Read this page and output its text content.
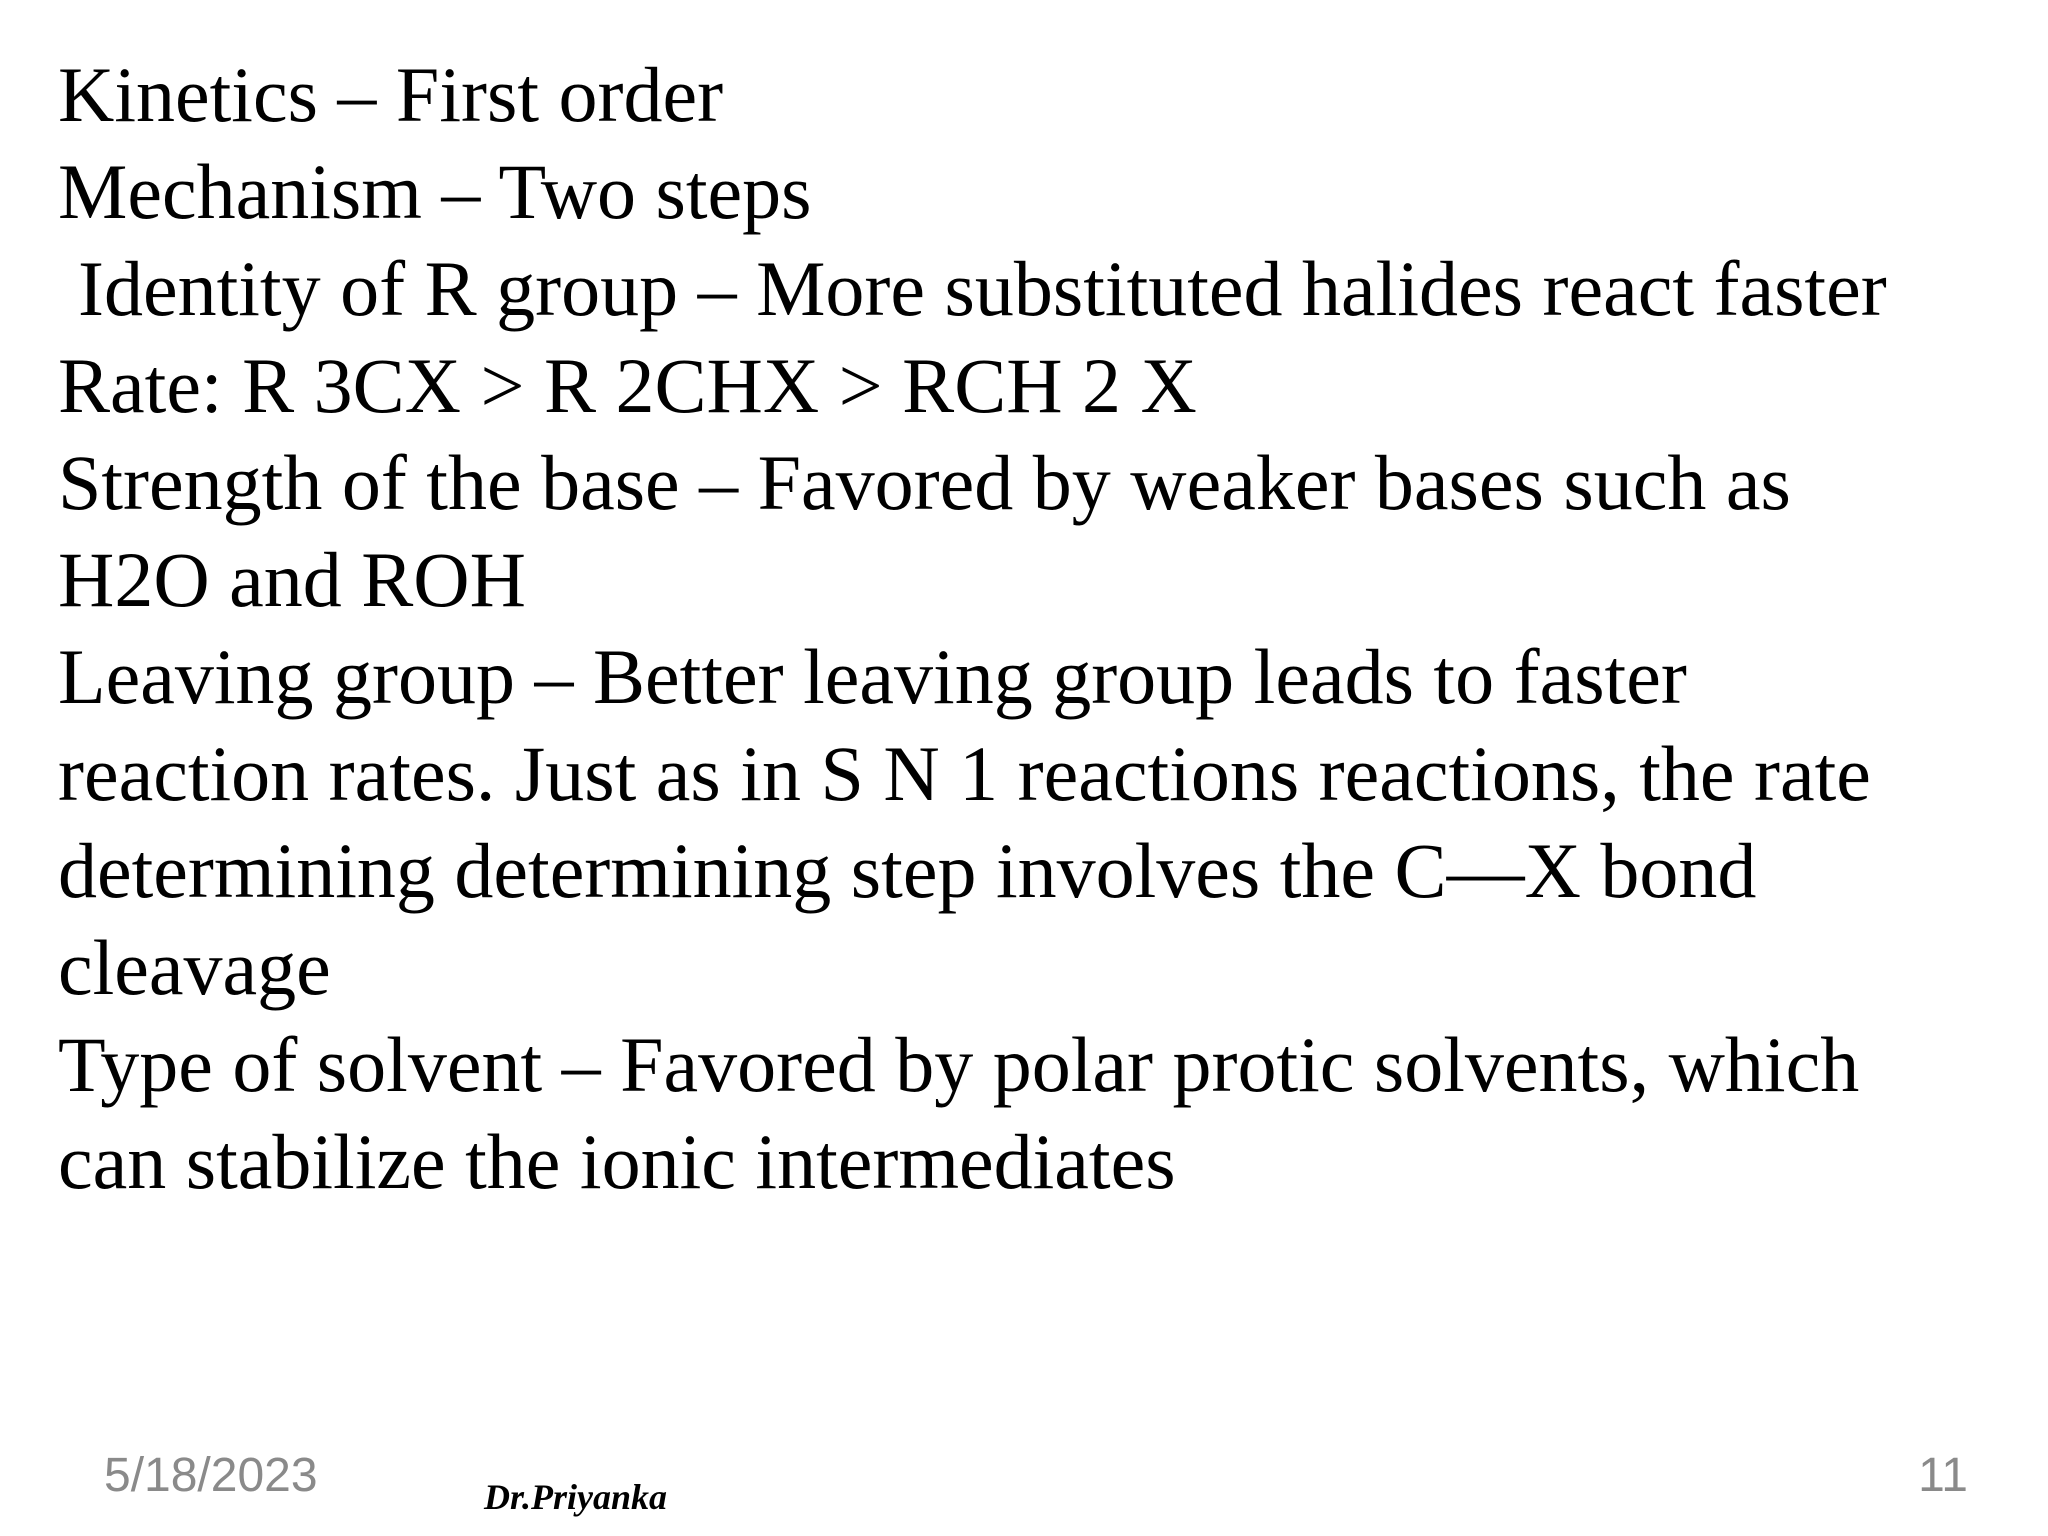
Kinetics – First order
Mechanism – Two steps
Identity of R group – More substituted halides react faster
Rate: R 3CX > R 2CHX > RCH 2 X
Strength of the base – Favored by weaker bases such as
H2O and ROH
Leaving group – Better leaving group leads to faster
reaction rates. Just as in S N 1 reactions reactions, the rate
determining determining step involves the C—X bond
cleavage
Type of solvent – Favored by polar protic solvents, which
can stabilize the ionic intermediates
5/18/2023	Dr.Priyanka	11
